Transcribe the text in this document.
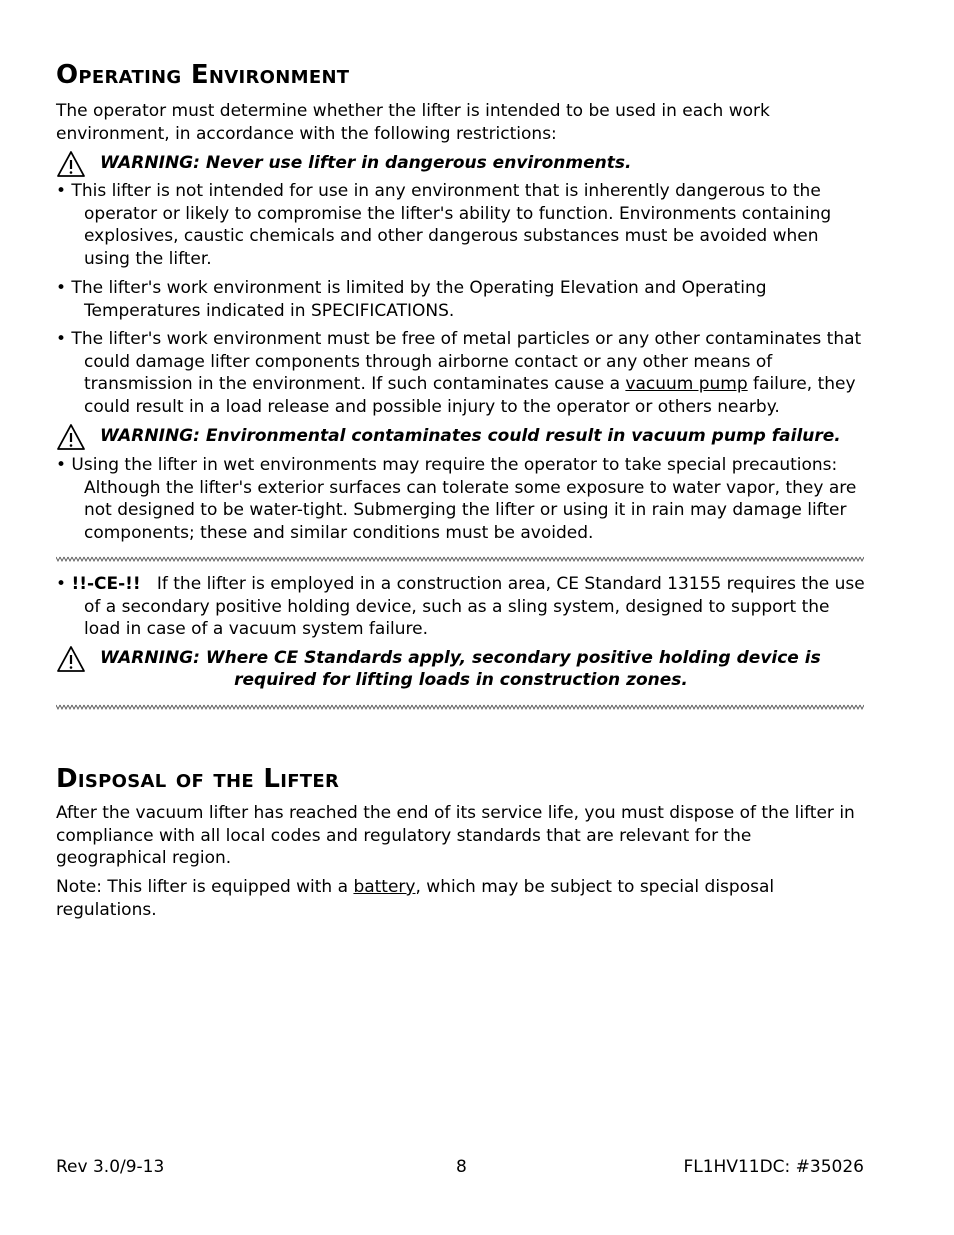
Operating Environment

The operator must determine whether the lifter is intended to be used in each work environment, in accordance with the following restrictions:

WARNING: Never use lifter in dangerous environments.
• This lifter is not intended for use in any environment that is inherently dangerous to the operator or likely to compromise the lifter's ability to function. Environments containing explosives, caustic chemicals and other dangerous substances must be avoided when using the lifter.
• The lifter's work environment is limited by the Operating Elevation and Operating Temperatures indicated in SPECIFICATIONS.
• The lifter's work environment must be free of metal particles or any other contaminates that could damage lifter components through airborne contact or any other means of transmission in the environment. If such contaminates cause a vacuum pump failure, they could result in a load release and possible injury to the operator or others nearby.
WARNING: Environmental contaminates could result in vacuum pump failure.
• Using the lifter in wet environments may require the operator to take special precautions: Although the lifter's exterior surfaces can tolerate some exposure to water vapor, they are not designed to be water-tight. Submerging the lifter or using it in rain may damage lifter components; these and similar conditions must be avoided.
• !!-CE-!!   If the lifter is employed in a construction area, CE Standard 13155 requires the use of a secondary positive holding device, such as a sling system, designed to support the load in case of a vacuum system failure.
WARNING: Where CE Standards apply, secondary positive holding device is
required for lifting loads in construction zones.
Disposal of the Lifter

After the vacuum lifter has reached the end of its service life, you must dispose of the lifter in compliance with all local codes and regulatory standards that are relevant for the geographical region.

Note: This lifter is equipped with a battery, which may be subject to special disposal regulations.

Rev 3.0/9-13	8	FL1HV11DC: #35026
